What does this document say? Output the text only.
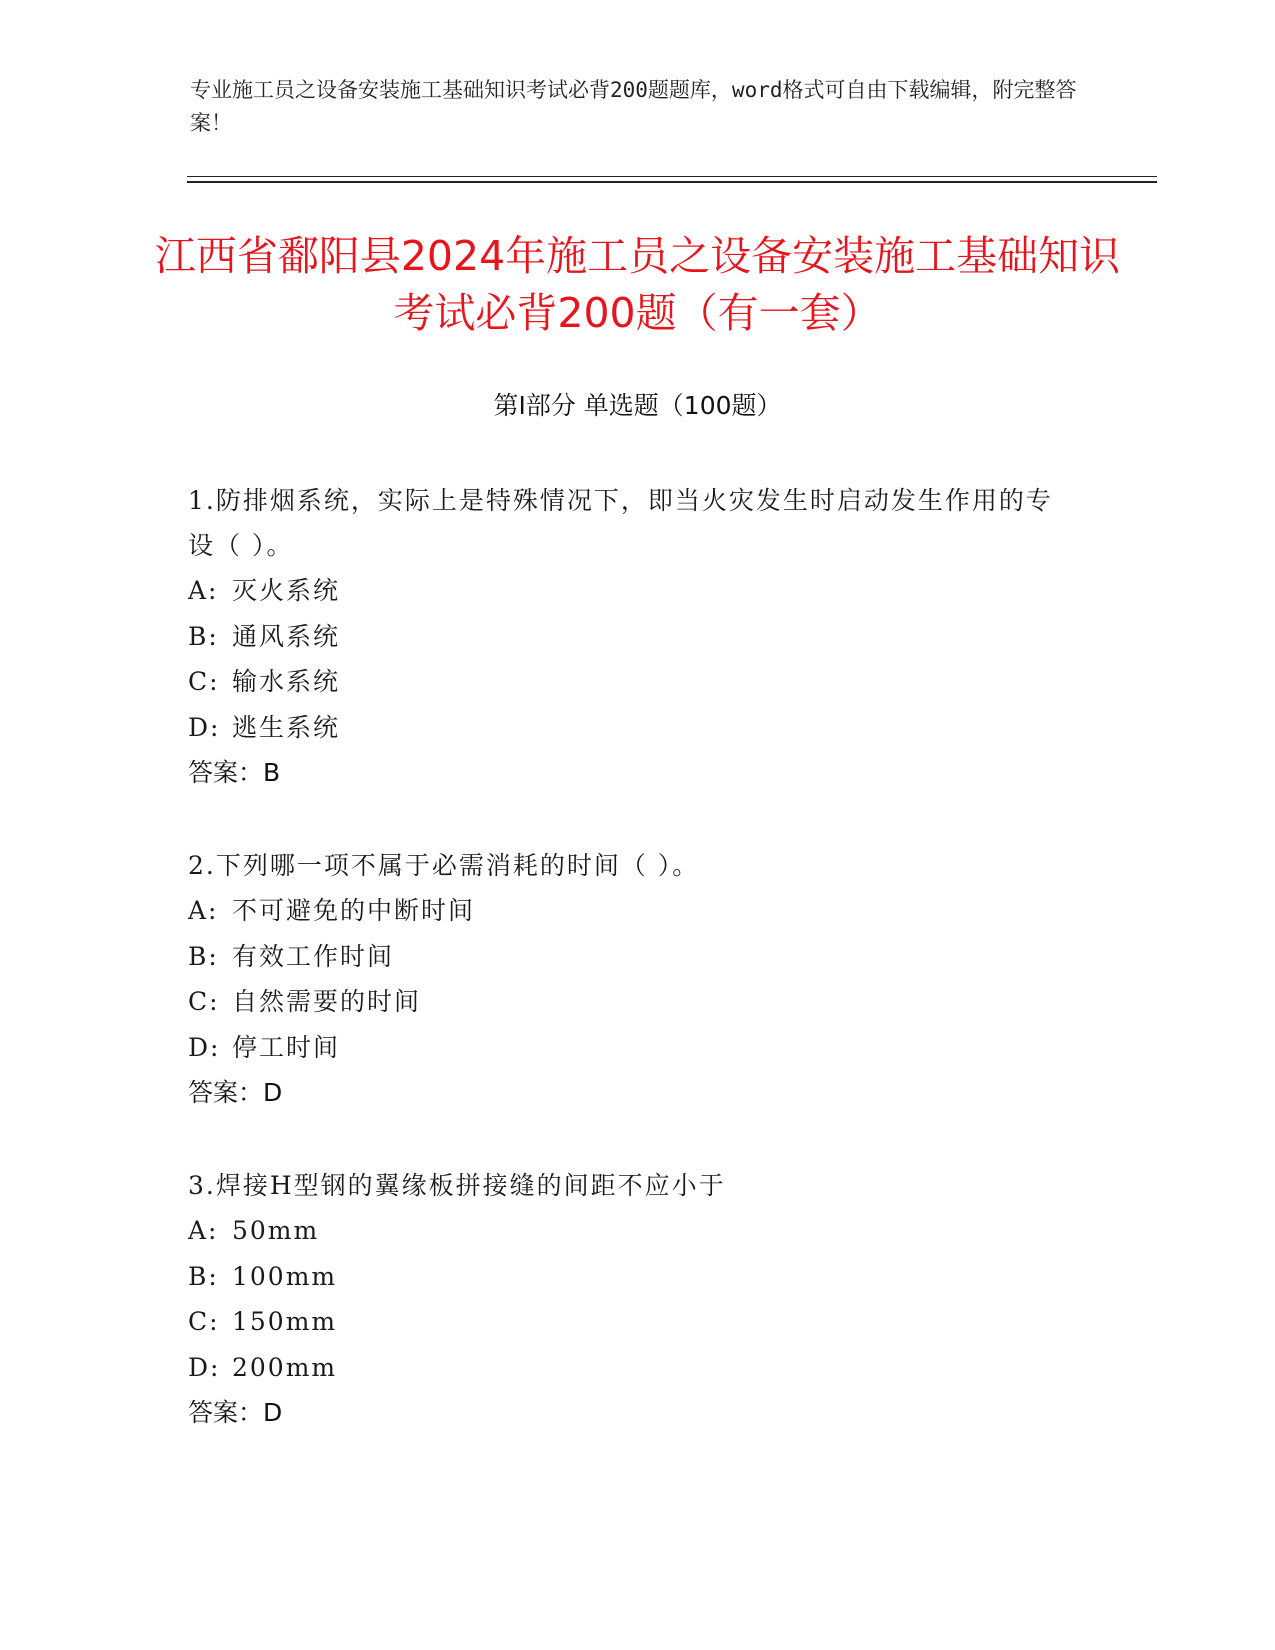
专业施工员之设备安装施工基础知识考试必背200题题库，word格式可自由下载编辑，附完整答案！
江西省鄱阳县2024年施工员之设备安装施工基础知识考试必背200题（有一套）
第Ⅰ部分 单选题（100题）
1.防排烟系统，实际上是特殊情况下，即当火灾发生时启动发生作用的专设（ ）。
A: 灭火系统
B: 通风系统
C: 输水系统
D: 逃生系统
答案：B
2.下列哪一项不属于必需消耗的时间（ ）。
A: 不可避免的中断时间
B: 有效工作时间
C: 自然需要的时间
D: 停工时间
答案：D
3.焊接H型钢的翼缘板拼接缝的间距不应小于
A: 50mm
B: 100mm
C: 150mm
D: 200mm
答案：D
